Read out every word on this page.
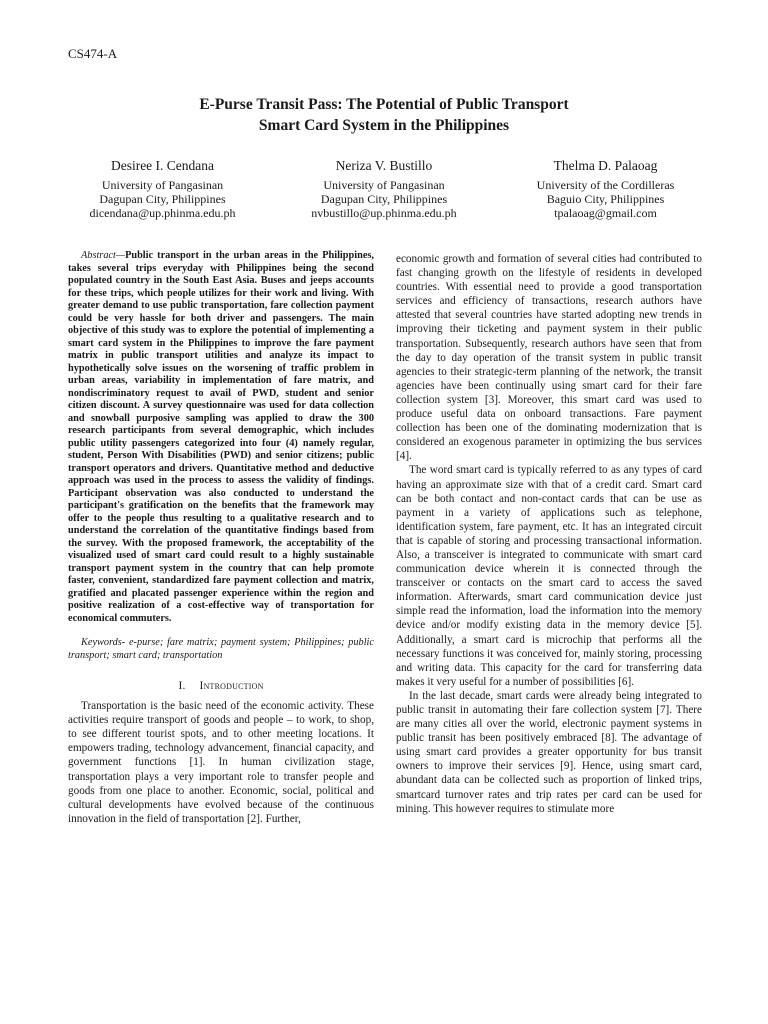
CS474-A
E-Purse Transit Pass: The Potential of Public Transport
Smart Card System in the Philippines
Desiree I. Cendana
University of Pangasinan
Dagupan City, Philippines
dicendana@up.phinma.edu.ph
Neriza V. Bustillo
University of Pangasinan
Dagupan City, Philippines
nvbustillo@up.phinma.edu.ph
Thelma D. Palaoag
University of the Cordilleras
Baguio City, Philippines
tpalaoag@gmail.com

Abstract—Public transport in the urban areas in the Philippines, takes several trips everyday with Philippines being the second populated country in the South East Asia. Buses and jeeps accounts for these trips, which people utilizes for their work and living. With greater demand to use public transportation, fare collection payment could be very hassle for both driver and passengers. The main objective of this study was to explore the potential of implementing a smart card system in the Philippines to improve the fare payment matrix in public transport utilities and analyze its impact to hypothetically solve issues on the worsening of traffic problem in urban areas, variability in implementation of fare matrix, and nondiscriminatory request to avail of PWD, student and senior citizen discount. A survey questionnaire was used for data collection and snowball purposive sampling was applied to draw the 300 research participants from several demographic, which includes public utility passengers categorized into four (4) namely regular, student, Person With Disabilities (PWD) and senior citizens; public transport operators and drivers. Quantitative method and deductive approach was used in the process to assess the validity of findings. Participant observation was also conducted to understand the participant's gratification on the benefits that the framework may offer to the people thus resulting to a qualitative research and to understand the correlation of the quantitative findings based from the survey. With the proposed framework, the acceptability of the visualized used of smart card could result to a highly sustainable transport payment system in the country that can help promote faster, convenient, standardized fare payment collection and matrix, gratified and placated passenger experience within the region and positive realization of a cost-effective way of transportation for economical commuters.

Keywords- e-purse; fare matrix; payment system; Philippines; public transport; smart card; transportation

I. Introduction

Transportation is the basic need of the economic activity. These activities require transport of goods and people – to work, to shop, to see different tourist spots, and to other meeting locations. It empowers trading, technology advancement, financial capacity, and government functions [1]. In human civilization stage, transportation plays a very important role to transfer people and goods from one place to another. Economic, social, political and cultural developments have evolved because of the continuous innovation in the field of transportation [2]. Further,

economic growth and formation of several cities had contributed to fast changing growth on the lifestyle of residents in developed countries. With essential need to provide a good transportation services and efficiency of transactions, research authors have attested that several countries have started adopting new trends in improving their ticketing and payment system in their public transportation. Subsequently, research authors have seen that from the day to day operation of the transit system in public transit agencies to their strategic-term planning of the network, the transit agencies have been continually using smart card for their fare collection system [3]. Moreover, this smart card was used to produce useful data on onboard transactions. Fare payment collection has been one of the dominating modernization that is considered an exogenous parameter in optimizing the bus services [4].

The word smart card is typically referred to as any types of card having an approximate size with that of a credit card. Smart card can be both contact and non-contact cards that can be use as payment in a variety of applications such as telephone, identification system, fare payment, etc. It has an integrated circuit that is capable of storing and processing transactional information. Also, a transceiver is integrated to communicate with smart card communication device wherein it is connected through the transceiver or contacts on the smart card to access the saved information. Afterwards, smart card communication device just simple read the information, load the information into the memory device and/or modify existing data in the memory device [5]. Additionally, a smart card is microchip that performs all the necessary functions it was conceived for, mainly storing, processing and writing data. This capacity for the card for transferring data makes it very useful for a number of possibilities [6].

In the last decade, smart cards were already being integrated to public transit in automating their fare collection system [7]. There are many cities all over the world, electronic payment systems in public transit has been positively embraced [8]. The advantage of using smart card provides a greater opportunity for bus transit owners to improve their services [9]. Hence, using smart card, abundant data can be collected such as proportion of linked trips, smartcard turnover rates and trip rates per card can be used for mining. This however requires to stimulate more
